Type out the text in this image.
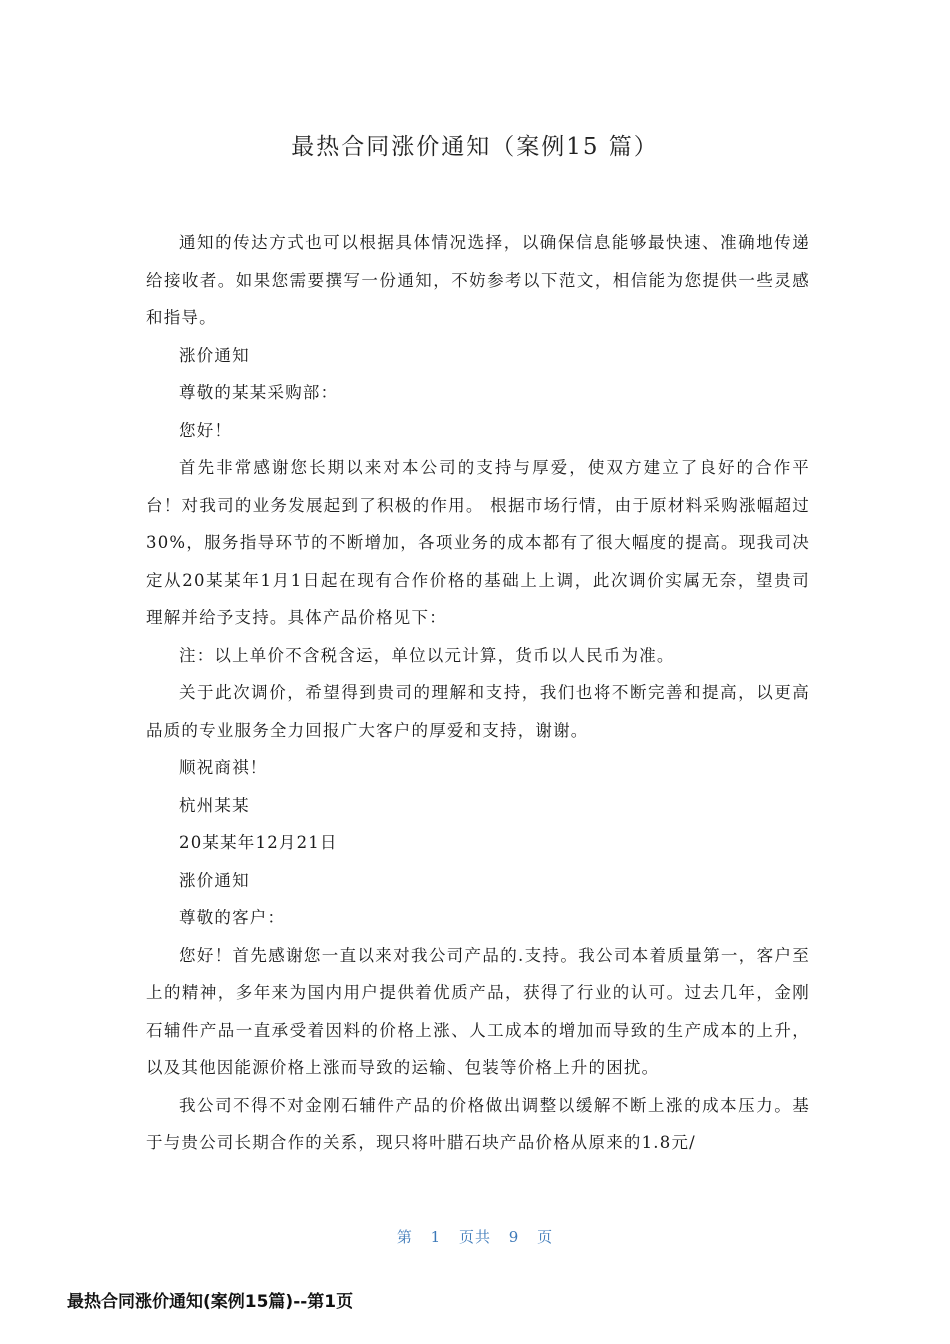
最热合同涨价通知（案例15 篇）

通知的传达方式也可以根据具体情况选择，以确保信息能够最快速、准确地传递给接收者。如果您需要撰写一份通知，不妨参考以下范文，相信能为您提供一些灵感和指导。

涨价通知

尊敬的某某采购部：

您好！

首先非常感谢您长期以来对本公司的支持与厚爱，使双方建立了良好的合作平台！对我司的业务发展起到了积极的作用。 根据市场行情，由于原材料采购涨幅超过30%，服务指导环节的不断增加，各项业务的成本都有了很大幅度的提高。现我司决定从20某某年1月1日起在现有合作价格的基础上上调，此次调价实属无奈，望贵司理解并给予支持。具体产品价格见下：

注：以上单价不含税含运，单位以元计算，货币以人民币为准。

关于此次调价，希望得到贵司的理解和支持，我们也将不断完善和提高，以更高品质的专业服务全力回报广大客户的厚爱和支持，谢谢。

顺祝商祺！

杭州某某

20某某年12月21日

涨价通知

尊敬的客户：

您好！首先感谢您一直以来对我公司产品的.支持。我公司本着质量第一，客户至上的精神，多年来为国内用户提供着优质产品，获得了行业的认可。过去几年，金刚石辅件产品一直承受着因料的价格上涨、人工成本的增加而导致的生产成本的上升，以及其他因能源价格上涨而导致的运输、包装等价格上升的困扰。

我公司不得不对金刚石辅件产品的价格做出调整以缓解不断上涨的成本压力。基于与贵公司长期合作的关系，现只将叶腊石块产品价格从原来的1.8元/

第 1 页共 9 页
最热合同涨价通知(案例15篇)--第1页
